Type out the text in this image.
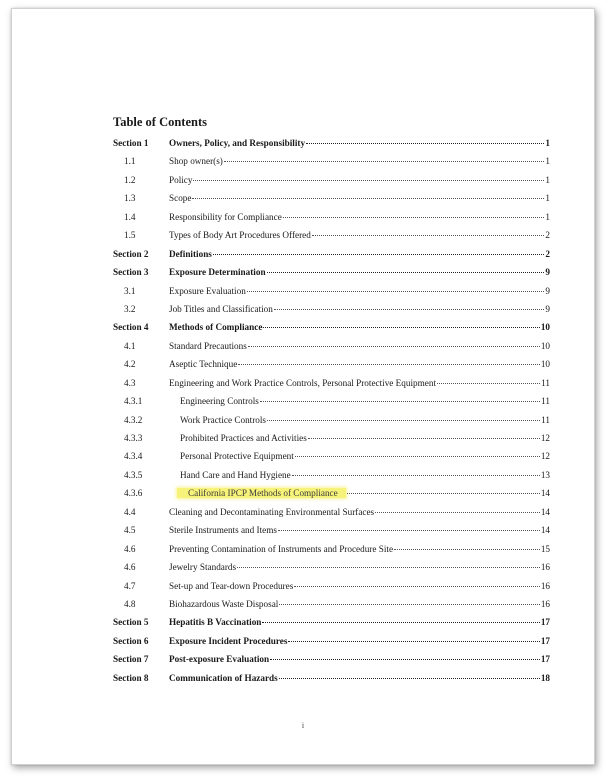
Table of Contents
Section 1	Owners, Policy, and Responsibility	1
1.1	Shop owner(s)	1
1.2	Policy	1
1.3	Scope	1
1.4	Responsibility for Compliance	1
1.5	Types of Body Art Procedures Offered	2
Section 2	Definitions	2
Section 3	Exposure Determination	9
3.1	Exposure Evaluation	9
3.2	Job Titles and Classification	9
Section 4	Methods of Compliance	10
4.1	Standard Precautions	10
4.2	Aseptic Technique	10
4.3	Engineering and Work Practice Controls, Personal Protective Equipment	11
4.3.1	Engineering Controls	11
4.3.2	Work Practice Controls	11
4.3.3	Prohibited Practices and Activities	12
4.3.4	Personal Protective Equipment	12
4.3.5	Hand Care and Hand Hygiene	13
4.3.6	California IPCP Methods of Compliance	14
4.4	Cleaning and Decontaminating Environmental Surfaces	14
4.5	Sterile Instruments and Items	14
4.6	Preventing Contamination of Instruments and Procedure Site	15
4.6	Jewelry Standards	16
4.7	Set-up and Tear-down Procedures	16
4.8	Biohazardous Waste Disposal	16
Section 5	Hepatitis B Vaccination	17
Section 6	Exposure Incident Procedures	17
Section 7	Post-exposure Evaluation	17
Section 8	Communication of Hazards	18
i
